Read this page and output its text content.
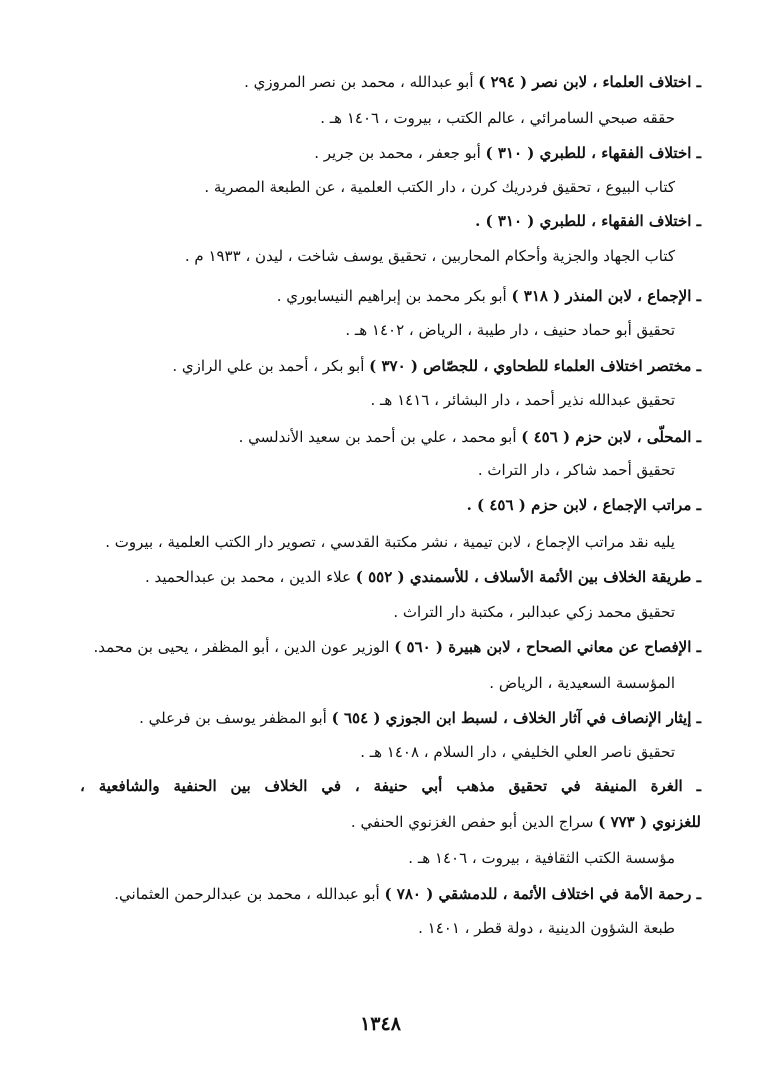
ـ اختلاف العلماء ، لابن نصر ( ٢٩٤ ) أبو عبدالله ، محمد بن نصر المروزي .
حققه صبحي السامرائي ، عالم الكتب ، بيروت ، ١٤٠٦ هـ .
ـ اختلاف الفقهاء ، للطبري ( ٣١٠ ) أبو جعفر ، محمد بن جرير .
كتاب البيوع ، تحقيق فردريك كرن ، دار الكتب العلمية ، عن الطبعة المصرية .
ـ اختلاف الفقهاء ، للطبري ( ٣١٠ ) .
كتاب الجهاد والجزية وأحكام المحاربين ، تحقيق يوسف شاخت ، ليدن ، ١٩٣٣ م .
ـ الإجماع ، لابن المنذر ( ٣١٨ ) أبو بكر محمد بن إبراهيم النيسابوري .
تحقيق أبو حماد حنيف ، دار طيبة ، الرياض ، ١٤٠٢ هـ .
ـ مختصر اختلاف العلماء للطحاوي ، للجصّاص ( ٣٧٠ ) أبو بكر ، أحمد بن علي الرازي .
تحقيق عبدالله نذير أحمد ، دار البشائر ، ١٤١٦ هـ .
ـ المحلّى ، لابن حزم ( ٤٥٦ ) أبو محمد ، علي بن أحمد بن سعيد الأندلسي .
تحقيق أحمد شاكر ، دار التراث .
ـ مراتب الإجماع ، لابن حزم ( ٤٥٦ ) .
يليه نقد مراتب الإجماع ، لابن تيمية ، نشر مكتبة القدسي ، تصوير دار الكتب العلمية ، بيروت .
ـ طريقة الخلاف بين الأئمة الأسلاف ، للأسمندي ( ٥٥٢ ) علاء الدين ، محمد بن عبدالحميد .
تحقيق محمد زكي عبدالبر ، مكتبة دار التراث .
ـ الإفصاح عن معاني الصحاح ، لابن هبيرة ( ٥٦٠ ) الوزير عون الدين ، أبو المظفر ، يحيى بن محمد.
المؤسسة السعيدية ، الرياض .
ـ إيثار الإنصاف في آثار الخلاف ، لسبط ابن الجوزي ( ٦٥٤ ) أبو المظفر يوسف بن فرعلي .
تحقيق ناصر العلي الخليفي ، دار السلام ، ١٤٠٨ هـ .
ـ الغرة المنيفة في تحقيق مذهب أبي حنيفة ، في الخلاف بين الحنفية والشافعية ،
للغزنوي ( ٧٧٣ ) سراج الدين أبو حفص الغزنوي الحنفي .
مؤسسة الكتب الثقافية ، بيروت ، ١٤٠٦ هـ .
ـ رحمة الأمة في اختلاف الأئمة ، للدمشقي ( ٧٨٠ ) أبو عبدالله ، محمد بن عبدالرحمن العثماني.
طبعة الشؤون الدينية ، دولة قطر ، ١٤٠١ .
١٣٤٨
